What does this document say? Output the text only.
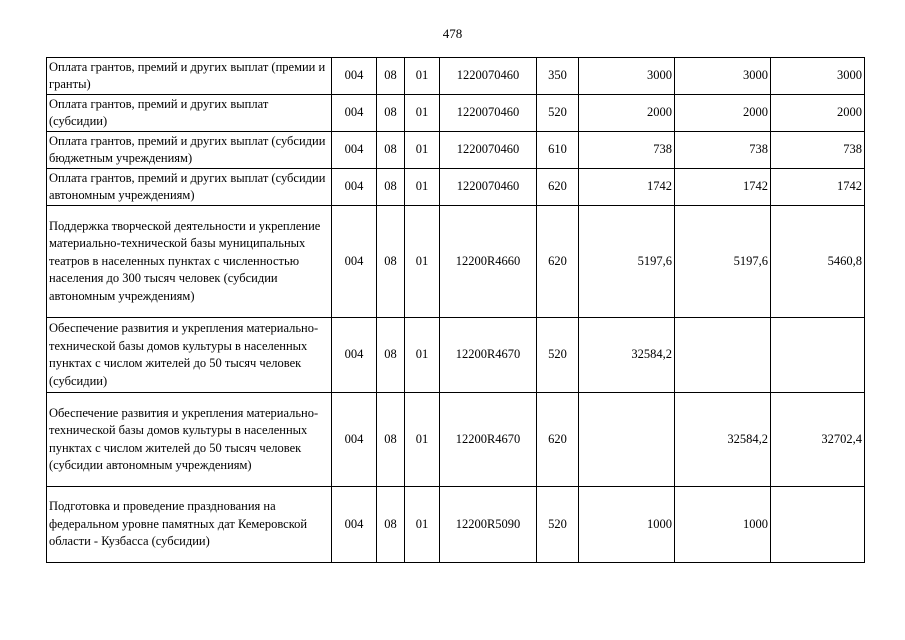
478
Оплата грантов, премий и других выплат (премии и гранты)	004	08	01	1220070460	350	3000	3000	3000
Оплата грантов, премий и других выплат (субсидии)	004	08	01	1220070460	520	2000	2000	2000
Оплата грантов, премий и других выплат (субсидии бюджетным учреждениям)	004	08	01	1220070460	610	738	738	738
Оплата грантов, премий и других выплат (субсидии автономным учреждениям)	004	08	01	1220070460	620	1742	1742	1742
Поддержка творческой деятельности и укрепление материально-технической базы муниципальных театров в населенных пунктах с численностью населения до 300 тысяч человек (субсидии автономным учреждениям)	004	08	01	12200R4660	620	5197,6	5197,6	5460,8
Обеспечение развития и укрепления материально-технической базы домов культуры в населенных пунктах с числом жителей до 50 тысяч человек (субсидии)	004	08	01	12200R4670	520	32584,2		
Обеспечение развития и укрепления материально-технической базы домов культуры в населенных пунктах с числом жителей до 50 тысяч человек (субсидии автономным учреждениям)	004	08	01	12200R4670	620		32584,2	32702,4
Подготовка и проведение празднования на федеральном уровне памятных дат Кемеровской области - Кузбасса (субсидии)	004	08	01	12200R5090	520	1000	1000	
